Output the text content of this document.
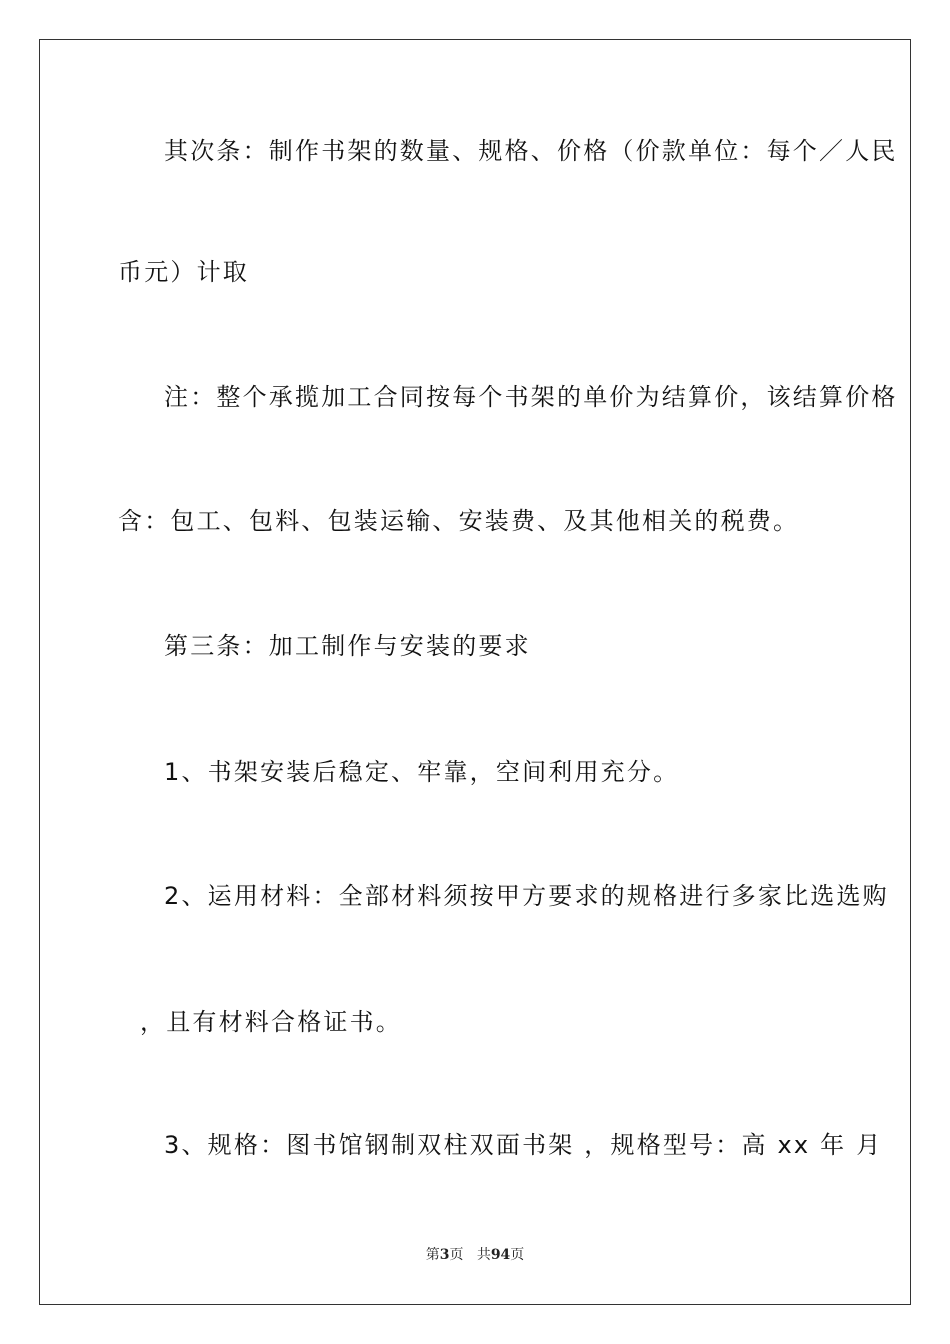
其次条：制作书架的数量、规格、价格（价款单位：每个／人民
币元）计取
注：整个承揽加工合同按每个书架的单价为结算价，该结算价格
含：包工、包料、包装运输、安装费、及其他相关的税费。
第三条：加工制作与安装的要求
1、书架安装后稳定、牢靠，空间利用充分。
2、运用材料：全部材料须按甲方要求的规格进行多家比选选购
，且有材料合格证书。
3、规格：图书馆钢制双柱双面书架 ，规格型号：高 xx 年 月
第3页 共94页
